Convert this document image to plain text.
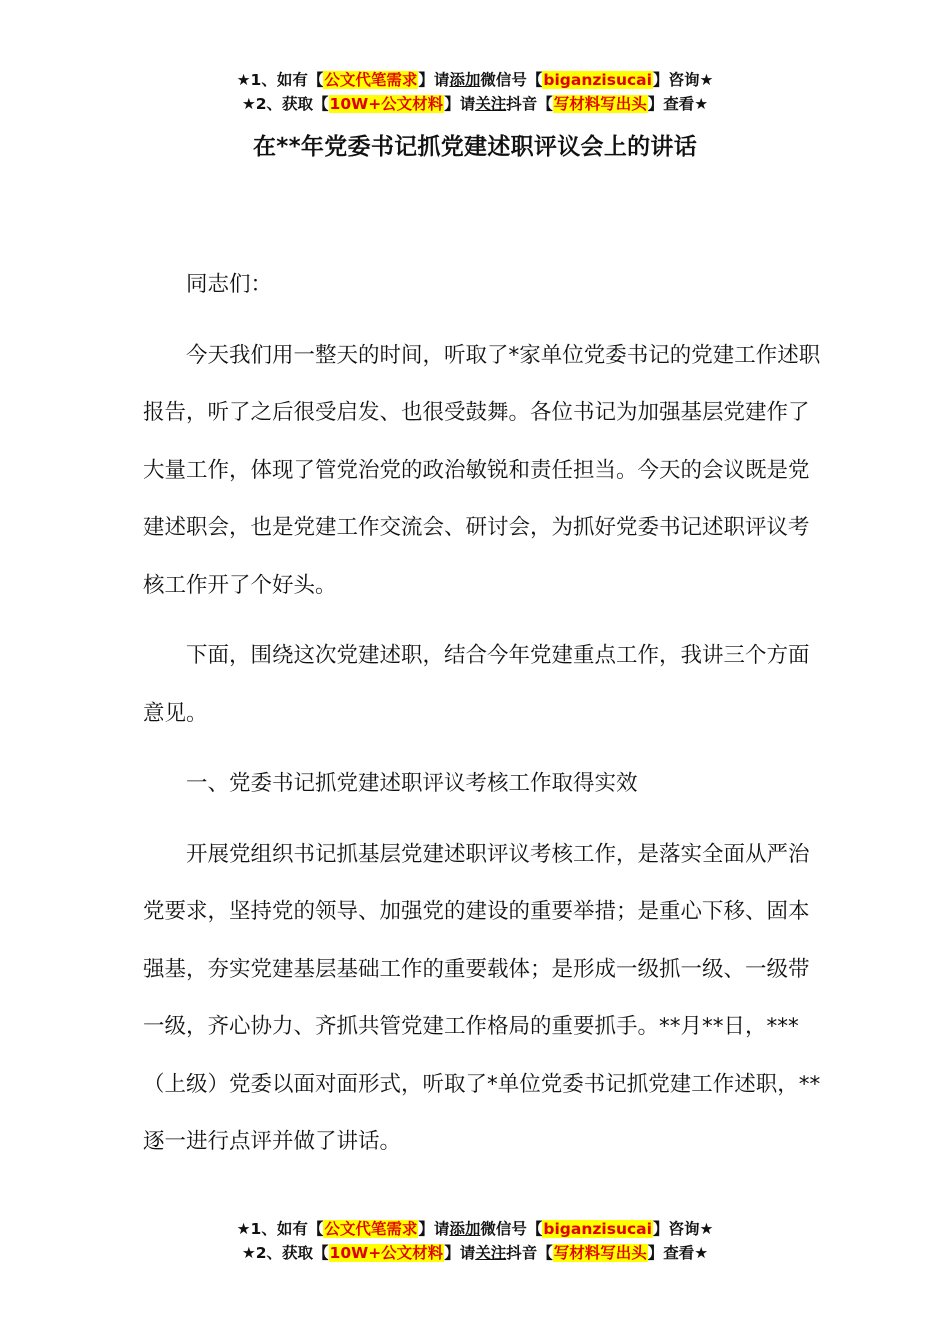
★1、如有【公文代笔需求】请添加微信号【biganzisucai】咨询★
★2、获取【10W+公文材料】请关注抖音【写材料写出头】查看★
在**年党委书记抓党建述职评议会上的讲话

同志们：

今天我们用一整天的时间，听取了*家单位党委书记的党建工作述职报告，听了之后很受启发、也很受鼓舞。各位书记为加强基层党建作了大量工作，体现了管党治党的政治敏锐和责任担当。今天的会议既是党建述职会，也是党建工作交流会、研讨会，为抓好党委书记述职评议考核工作开了个好头。

下面，围绕这次党建述职，结合今年党建重点工作，我讲三个方面意见。

一、党委书记抓党建述职评议考核工作取得实效

开展党组织书记抓基层党建述职评议考核工作，是落实全面从严治党要求，坚持党的领导、加强党的建设的重要举措；是重心下移、固本强基，夯实党建基层基础工作的重要载体；是形成一级抓一级、一级带一级，齐心协力、齐抓共管党建工作格局的重要抓手。**月**日，***（上级）党委以面对面形式，听取了*单位党委书记抓党建工作述职，**逐一进行点评并做了讲话。

★1、如有【公文代笔需求】请添加微信号【biganzisucai】咨询★
★2、获取【10W+公文材料】请关注抖音【写材料写出头】查看★
